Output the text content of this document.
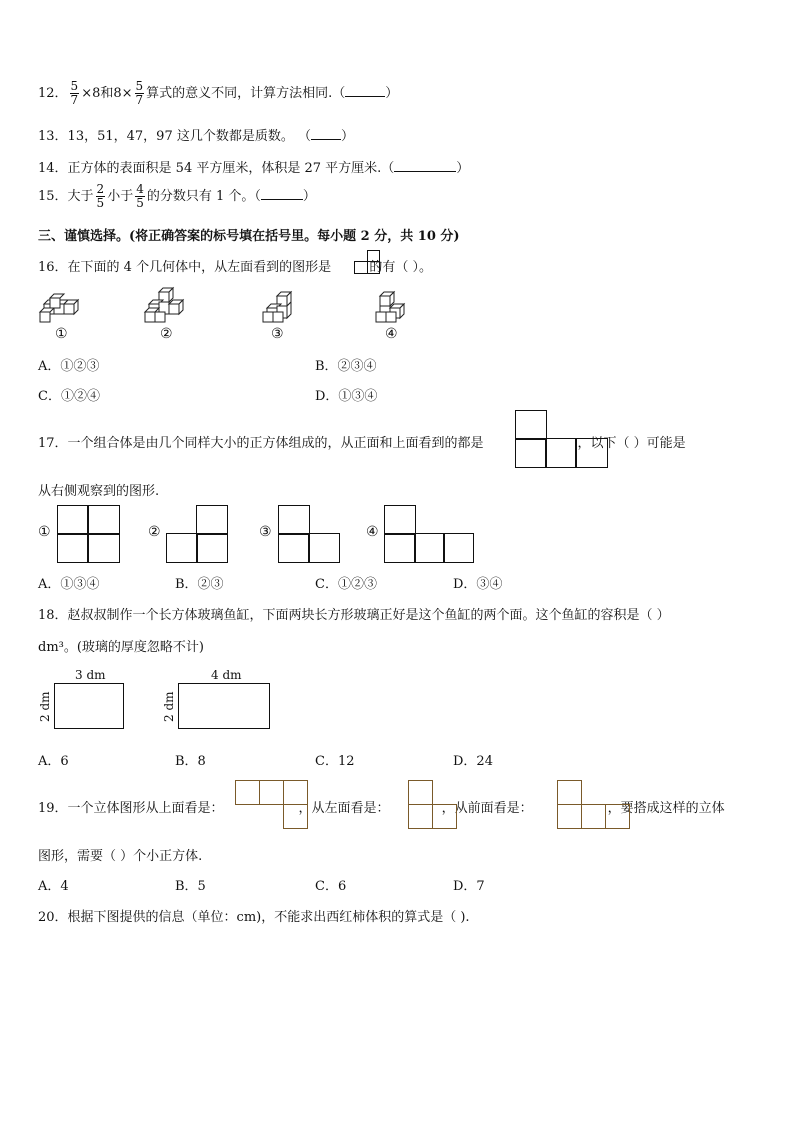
12． $\frac{5}{7} \times 8$和$8\times \frac{5}{7}$ 算式的意义不同，计算方法相同.（	）
13．13，51，47，97 这几个数都是质数。 （ ）
14．正方体的表面积是 54 平方厘米，体积是 27 平方厘米.（	）
15．大于 $\frac{2}{5}$ 小于 $\frac{4}{5}$ 的分数只有 1 个。（	）
三、谨慎选择。(将正确答案的标号填在括号里。每小题 2 分，共 10 分)
16．在下面的 4 个几何体中，从左面看到的图形是	的有（ ）。
①	②	③	④
A．①②③	B．②③④
C．①②④	D．①③④
17．一个组合体是由几个同样大小的正方体组成的，从正面和上面看到的都是	，以下（ ）可能是
从右侧观察到的图形.
①	②	③	④
A．①③④	B．②③	C．①②③	D．③④
18．赵叔叔制作一个长方体玻璃鱼缸，下面两块长方形玻璃正好是这个鱼缸的两个面。这个鱼缸的容积是（ ）
dm³。(玻璃的厚度忽略不计)
3 dm
2 dm
4 dm
2 dm
A．6	B．8	C．12	D．24
19．一个立体图形从上面看是：	，从左面看是：	，从前面看是：	，要搭成这样的立体
图形，需要（ ）个小正方体.
A．4	B．5	C．6	D．7
20．根据下图提供的信息（单位：cm)，不能求出西红柿体积的算式是（ ).
